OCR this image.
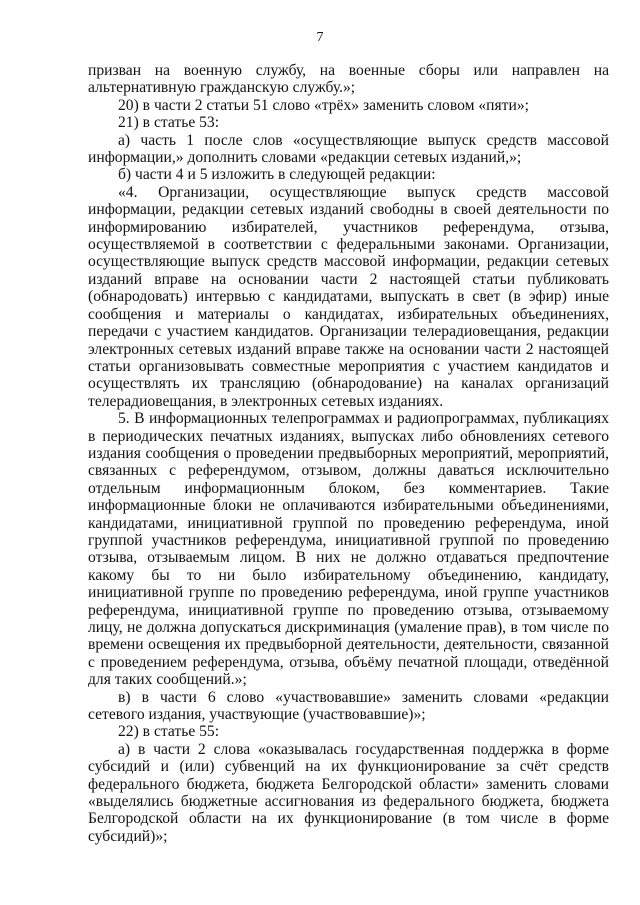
7

призван на военную службу, на военные сборы или направлен на альтернативную гражданскую службу.»;

20) в части 2 статьи 51 слово «трёх» заменить словом «пяти»;

21) в статье 53:

а) часть 1 после слов «осуществляющие выпуск средств массовой информации,» дополнить словами «редакции сетевых изданий,»;

б) части 4 и 5 изложить в следующей редакции:

«4. Организации, осуществляющие выпуск средств массовой информации, редакции сетевых изданий свободны в своей деятельности по информированию избирателей, участников референдума, отзыва, осуществляемой в соответствии с федеральными законами. Организации, осуществляющие выпуск средств массовой информации, редакции сетевых изданий вправе на основании части 2 настоящей статьи публиковать (обнародовать) интервью с кандидатами, выпускать в свет (в эфир) иные сообщения и материалы о кандидатах, избирательных объединениях, передачи с участием кандидатов. Организации телерадиовещания, редакции электронных сетевых изданий вправе также на основании части 2 настоящей статьи организовывать совместные мероприятия с участием кандидатов и осуществлять их трансляцию (обнародование) на каналах организаций телерадиовещания, в электронных сетевых изданиях.

5. В информационных телепрограммах и радиопрограммах, публикациях в периодических печатных изданиях, выпусках либо обновлениях сетевого издания сообщения о проведении предвыборных мероприятий, мероприятий, связанных с референдумом, отзывом, должны даваться исключительно отдельным информационным блоком, без комментариев. Такие информационные блоки не оплачиваются избирательными объединениями, кандидатами, инициативной группой по проведению референдума, иной группой участников референдума, инициативной группой по проведению отзыва, отзываемым лицом. В них не должно отдаваться предпочтение какому бы то ни было избирательному объединению, кандидату, инициативной группе по проведению референдума, иной группе участников референдума, инициативной группе по проведению отзыва, отзываемому лицу, не должна допускаться дискриминация (умаление прав), в том числе по времени освещения их предвыборной деятельности, деятельности, связанной с проведением референдума, отзыва, объёму печатной площади, отведённой для таких сообщений.»;

в) в части 6 слово «участвовавшие» заменить словами «редакции сетевого издания, участвующие (участвовавшие)»;

22) в статье 55:

а) в части 2 слова «оказывалась государственная поддержка в форме субсидий и (или) субвенций на их функционирование за счёт средств федерального бюджета, бюджета Белгородской области» заменить словами «выделялись бюджетные ассигнования из федерального бюджета, бюджета Белгородской области на их функционирование (в том числе в форме субсидий)»;
